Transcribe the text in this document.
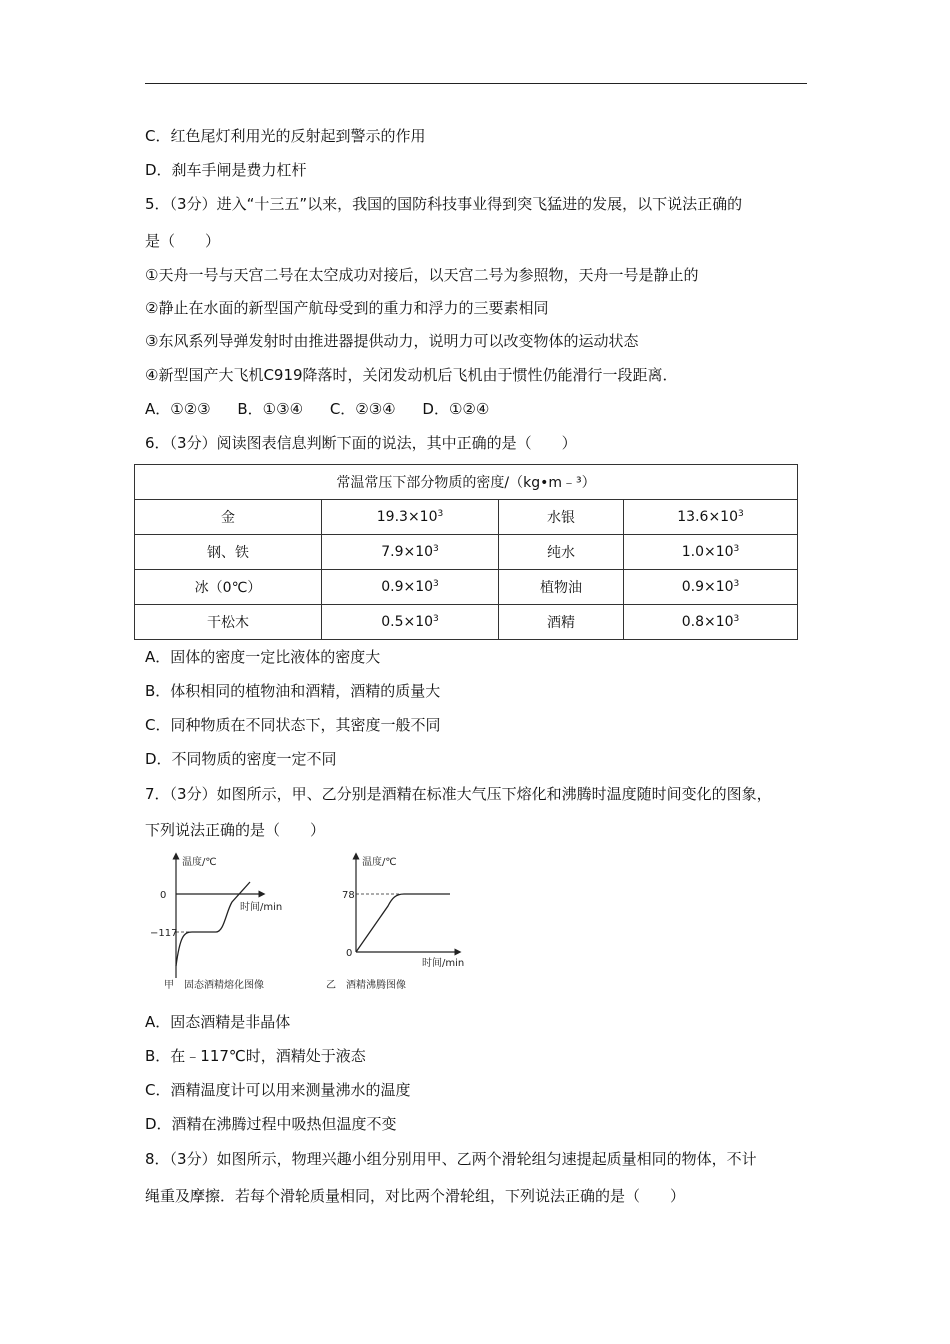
C．红色尾灯利用光的反射起到警示的作用
D．刹车手闸是费力杠杆
5．（3分）进入“十三五”以来，我国的国防科技事业得到突飞猛进的发展，以下说法正确的
是（　　）
①天舟一号与天宫二号在太空成功对接后，以天宫二号为参照物，天舟一号是静止的
②静止在水面的新型国产航母受到的重力和浮力的三要素相同
③东风系列导弹发射时由推进器提供动力，说明力可以改变物体的运动状态
④新型国产大飞机C919降落时，关闭发动机后飞机由于惯性仍能滑行一段距离．
A．①②③ B．①③④ C．②③④ D．①②④
6．（3分）阅读图表信息判断下面的说法，其中正确的是（　　）
常温常压下部分物质的密度/（kg•m﹣³）			
金	$19.3\times 10^3$	水银	$13.6\times 10^3$
钢、铁	$7.9\times 10^3$	纯水	$1.0\times 10^3$
冰（0℃）	$0.9\times 10^3$	植物油	$0.9\times 10^3$
干松木	$0.5\times 10^3$	酒精	$0.8\times 10^3$
A．固体的密度一定比液体的密度大
B．体积相同的植物油和酒精，酒精的质量大
C．同种物质在不同状态下，其密度一般不同
D．不同物质的密度一定不同
7．（3分）如图所示，甲、乙分别是酒精在标准大气压下熔化和沸腾时温度随时间变化的图象，
下列说法正确的是（　　）
温度/℃
时间/min
0
−117
甲　固态酒精熔化图像
温度/℃
时间/min
78
0
乙　酒精沸腾图像
A．固态酒精是非晶体
B．在﹣117℃时，酒精处于液态
C．酒精温度计可以用来测量沸水的温度
D．酒精在沸腾过程中吸热但温度不变
8．（3分）如图所示，物理兴趣小组分别用甲、乙两个滑轮组匀速提起质量相同的物体，不计
绳重及摩擦．若每个滑轮质量相同，对比两个滑轮组，下列说法正确的是（　　）
